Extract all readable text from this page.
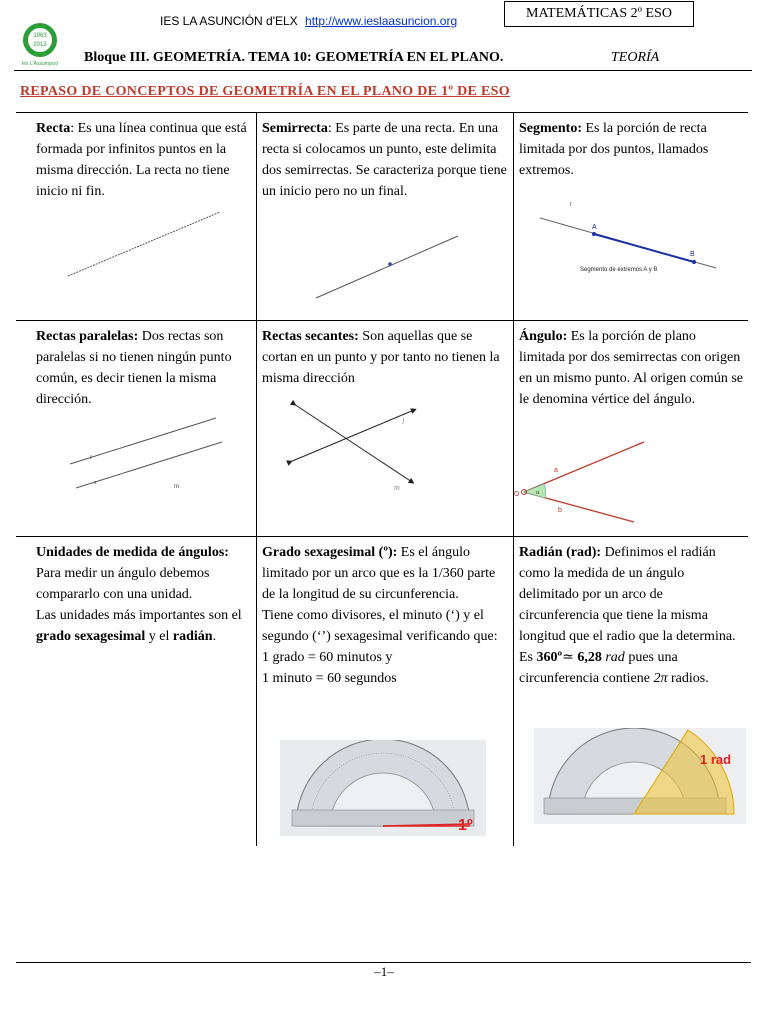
IES LA ASUNCIÓN d'ELX http://www.ieslaasuncion.org	MATEMÁTICAS 2º ESO
1963
2013
Ies L'Assumpció Bloque III. GEOMETRÍA. TEMA 10: GEOMETRÍA EN EL PLANO.	TEORÍA
REPASO DE CONCEPTOS DE GEOMETRÍA EN EL PLANO DE 1º DE ESO
Recta: Es una línea continua que está formada por infinitos puntos en la misma dirección. La recta no tiene inicio ni fin.
Semirrecta: Es parte de una recta. En una recta si colocamos un punto, este delimita dos semirrectas. Se caracteriza porque tiene un inicio pero no un final.
Segmento: Es la porción de recta limitada por dos puntos, llamados extremos.
r
A
B
Segmento de extremos A y B
Rectas paralelas: Dos rectas son paralelas si no tienen ningún punto común, es decir tienen la misma dirección.
r
s
m
Rectas secantes: Son aquellas que se cortan en un punto y por tanto no tienen la misma dirección
l
m
Ángulo: Es la porción de plano limitada por dos semirrectas con origen en un mismo punto. Al origen común se le denomina vértice del ángulo.
O	α
a
b
Unidades de medida de ángulos: Para medir un ángulo debemos compararlo con una unidad.
Las unidades más importantes son el grado sexagesimal y el radián.
Grado sexagesimal (º): Es el ángulo limitado por un arco que es la 1/360 parte de la longitud de su circunferencia.
Tiene como divisores, el minuto (‘) y el segundo (‘’) sexagesimal verificando que:
1 grado = 60 minutos y
1 minuto = 60 segundos
1º
Radián (rad): Definimos el radián como la medida de un ángulo delimitado por un arco de circunferencia que tiene la misma longitud que el radio que la determina.
Es 360º≃ 6,28 rad pues una circunferencia contiene 2π radios.
1 rad
–1–
